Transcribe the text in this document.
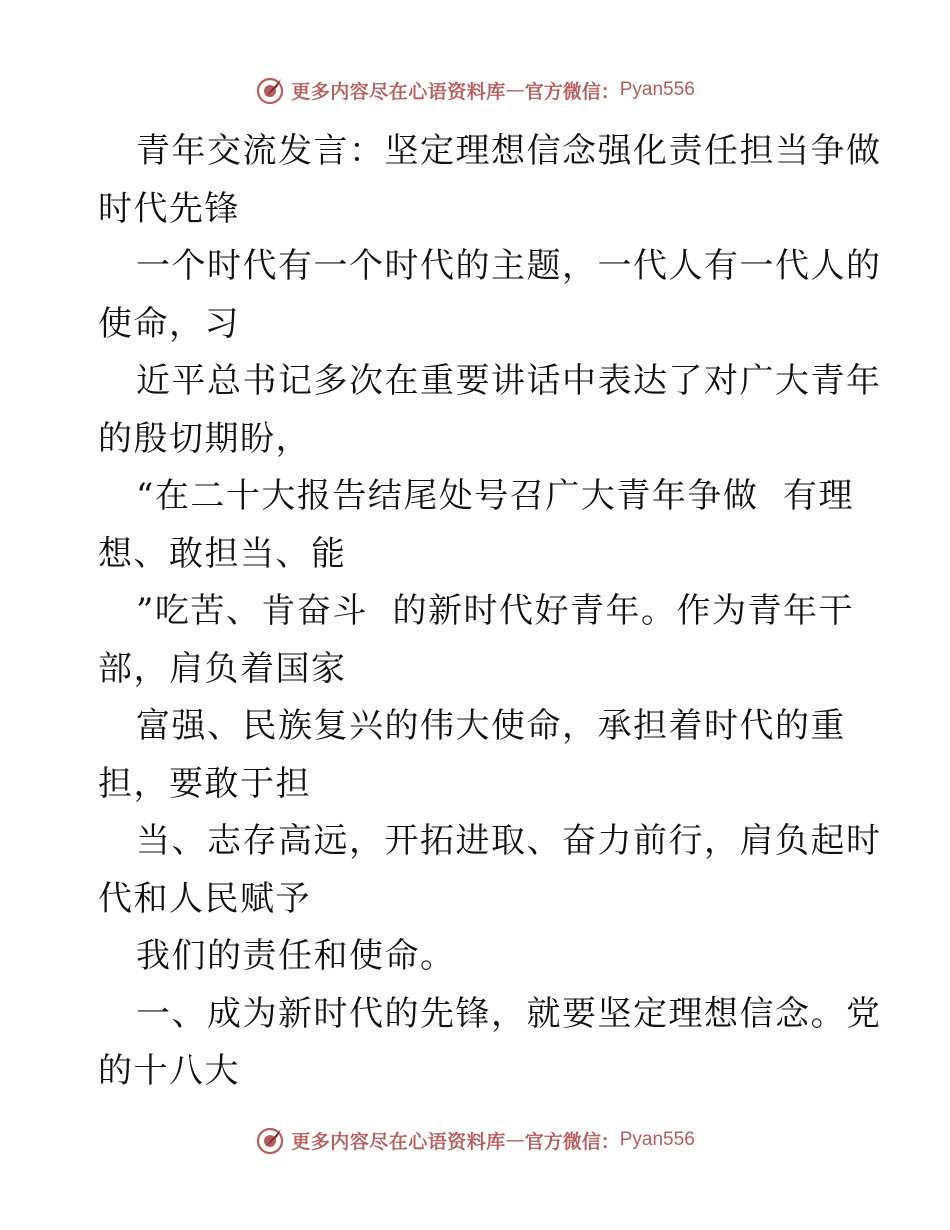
更多内容尽在心语资料库 — 官方微信： Pyan556
青年交流发言：坚定理想信念强化责任担当争做
时代先锋
一个时代有一个时代的主题，一代人有一代人的
使命，习
近平总书记多次在重要讲话中表达了对广大青年
的殷切期盼，
“在二十大报告结尾处号召广大青年争做  有理
想、敢担当、能
”吃苦、肯奋斗  的新时代好青年。作为青年干
部，肩负着国家
富强、民族复兴的伟大使命，承担着时代的重
担，要敢于担
当、志存高远，开拓进取、奋力前行，肩负起时
代和人民赋予
我们的责任和使命。
一、成为新时代的先锋，就要坚定理想信念。党
的十八大
更多内容尽在心语资料库 — 官方微信： Pyan556
